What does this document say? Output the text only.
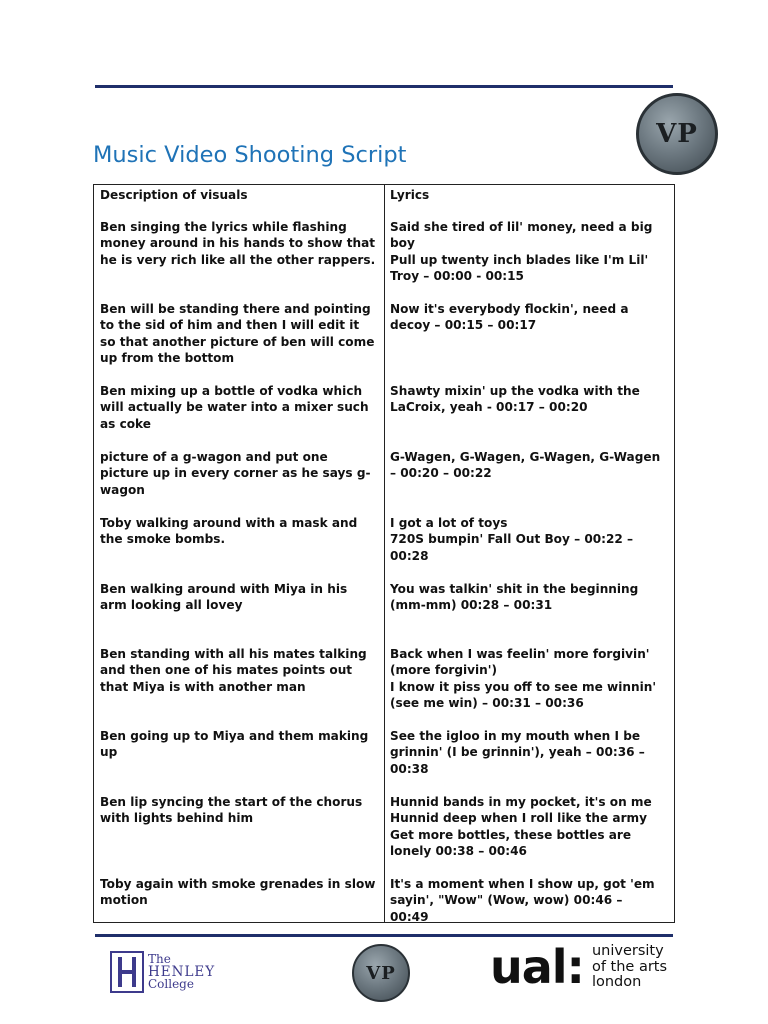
VP
Music Video Shooting Script
Description of visuals	Lyrics
Ben singing the lyrics while flashing money around in his hands to show that he is very rich like all the other rappers.
Said she tired of lil' money, need a big boy
Pull up twenty inch blades like I'm Lil' Troy – 00:00 - 00:15
Ben will be standing there and pointing to the sid of him and then I will edit it so that another picture of ben will come up from the bottom
Now it's everybody flockin', need a decoy – 00:15 – 00:17
Ben mixing up a bottle of vodka which will actually be water into a mixer such as coke
Shawty mixin' up the vodka with the LaCroix, yeah - 00:17 – 00:20
picture of a g-wagon and put one picture up in every corner as he says g-wagon
G-Wagen, G-Wagen, G-Wagen, G-Wagen – 00:20 – 00:22
Toby walking around with a mask and the smoke bombs.
I got a lot of toys
720S bumpin' Fall Out Boy – 00:22 – 00:28
Ben walking around with Miya in his arm looking all lovey
You was talkin' shit in the beginning (mm-mm) 00:28 – 00:31
Ben standing with all his mates talking and then one of his mates points out that Miya is with another man
Back when I was feelin' more forgivin' (more forgivin')
I know it piss you off to see me winnin' (see me win) – 00:31 – 00:36
Ben going up to Miya and them making up
See the igloo in my mouth when I be grinnin' (I be grinnin'), yeah – 00:36 – 00:38
Ben lip syncing the start of the chorus with lights behind him
Hunnid bands in my pocket, it's on me
Hunnid deep when I roll like the army
Get more bottles, these bottles are lonely 00:38 – 00:46
Toby again with smoke grenades in slow motion
It's a moment when I show up, got 'em sayin', "Wow" (Wow, wow) 00:46 – 00:49
The
HENLEY
College
VP ual: university
of the arts
london
